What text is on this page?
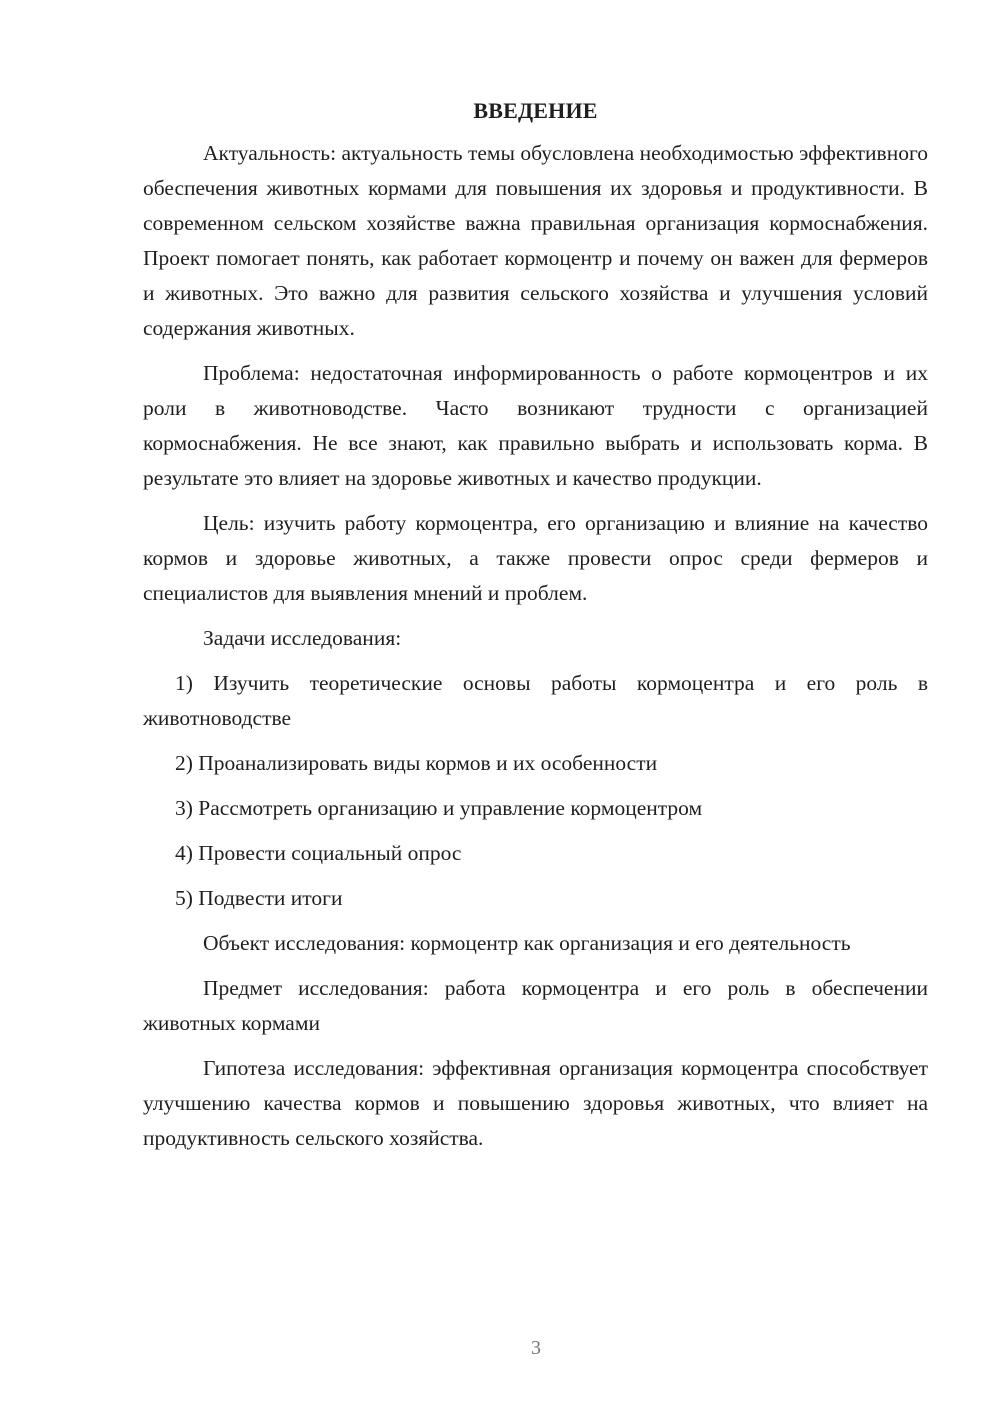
ВВЕДЕНИЕ

Актуальность: актуальность темы обусловлена необходимостью эффективного обеспечения животных кормами для повышения их здоровья и продуктивности. В современном сельском хозяйстве важна правильная организация кормоснабжения. Проект помогает понять, как работает кормоцентр и почему он важен для фермеров и животных. Это важно для развития сельского хозяйства и улучшения условий содержания животных.

Проблема: недостаточная информированность о работе кормоцентров и их роли в животноводстве. Часто возникают трудности с организацией кормоснабжения. Не все знают, как правильно выбрать и использовать корма. В результате это влияет на здоровье животных и качество продукции.

Цель: изучить работу кормоцентра, его организацию и влияние на качество кормов и здоровье животных, а также провести опрос среди фермеров и специалистов для выявления мнений и проблем.

Задачи исследования:

1) Изучить теоретические основы работы кормоцентра и его роль в животноводстве

2) Проанализировать виды кормов и их особенности

3) Рассмотреть организацию и управление кормоцентром

4) Провести социальный опрос

5) Подвести итоги

Объект исследования: кормоцентр как организация и его деятельность

Предмет исследования: работа кормоцентра и его роль в обеспечении животных кормами

Гипотеза исследования: эффективная организация кормоцентра способствует улучшению качества кормов и повышению здоровья животных, что влияет на продуктивность сельского хозяйства.

3
